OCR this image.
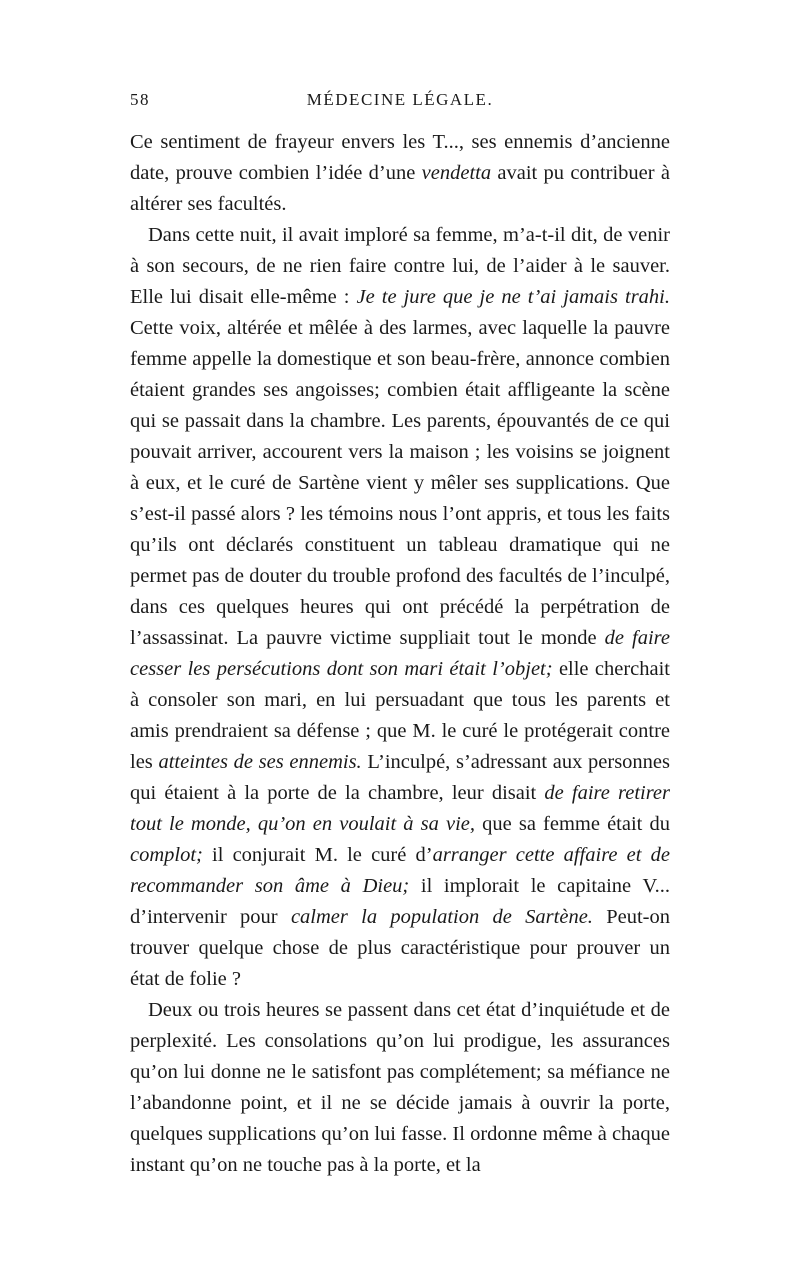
58	MÉDECINE LÉGALE.

Ce sentiment de frayeur envers les T..., ses ennemis d’ancienne date, prouve combien l’idée d’une vendetta avait pu contribuer à altérer ses facultés.

Dans cette nuit, il avait imploré sa femme, m’a-t-il dit, de venir à son secours, de ne rien faire contre lui, de l’aider à le sauver. Elle lui disait elle-même : Je te jure que je ne t’ai jamais trahi. Cette voix, altérée et mêlée à des larmes, avec laquelle la pauvre femme appelle la domestique et son beau-frère, annonce combien étaient grandes ses angoisses; combien était affligeante la scène qui se passait dans la chambre. Les parents, épouvantés de ce qui pouvait arriver, accourent vers la maison ; les voisins se joignent à eux, et le curé de Sartène vient y mêler ses supplications. Que s’est-il passé alors ? les témoins nous l’ont appris, et tous les faits qu’ils ont déclarés constituent un tableau dramatique qui ne permet pas de douter du trouble profond des facultés de l’inculpé, dans ces quelques heures qui ont précédé la perpétration de l’assassinat. La pauvre victime suppliait tout le monde de faire cesser les persécutions dont son mari était l’objet; elle cherchait à consoler son mari, en lui persuadant que tous les parents et amis prendraient sa défense ; que M. le curé le protégerait contre les atteintes de ses ennemis. L’inculpé, s’adressant aux personnes qui étaient à la porte de la chambre, leur disait de faire retirer tout le monde, qu’on en voulait à sa vie, que sa femme était du complot; il conjurait M. le curé d’arranger cette affaire et de recommander son âme à Dieu; il implorait le capitaine V... d’intervenir pour calmer la population de Sartène. Peut-on trouver quelque chose de plus caractéristique pour prouver un état de folie ?

Deux ou trois heures se passent dans cet état d’inquiétude et de perplexité. Les consolations qu’on lui prodigue, les assurances qu’on lui donne ne le satisfont pas complétement; sa méfiance ne l’abandonne point, et il ne se décide jamais à ouvrir la porte, quelques supplications qu’on lui fasse. Il ordonne même à chaque instant qu’on ne touche pas à la porte, et la
